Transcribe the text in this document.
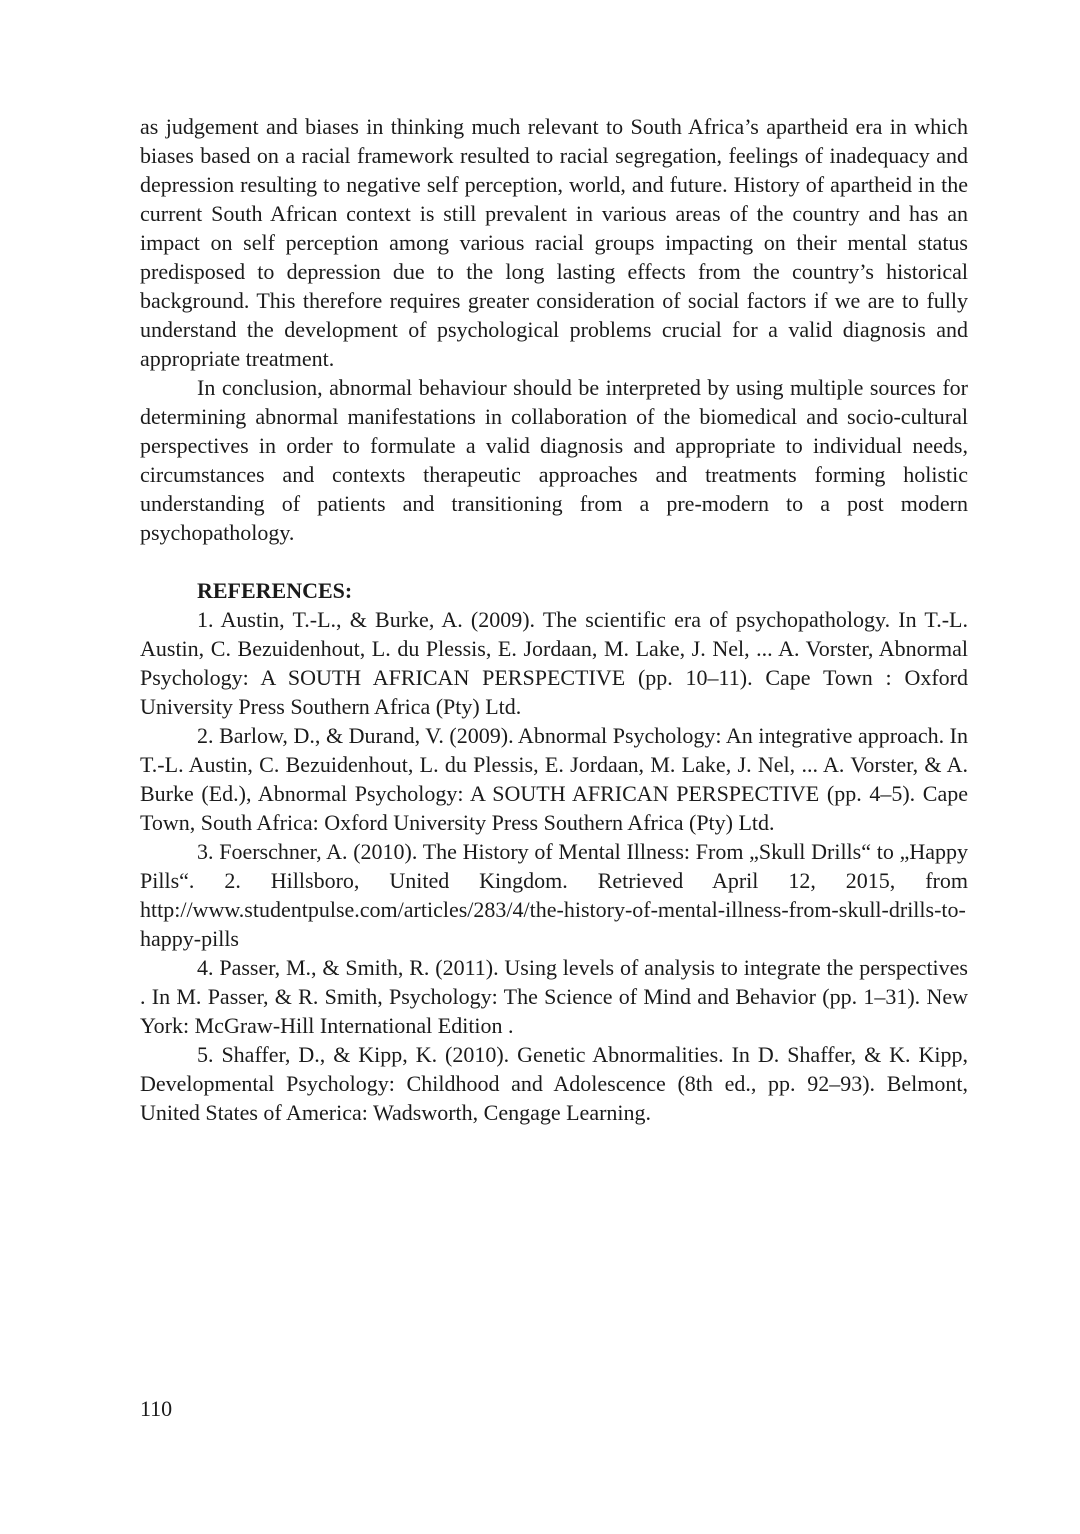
as judgement and biases in thinking much relevant to South Africa’s apartheid era in which biases based on a racial framework resulted to racial segregation, feelings of inadequacy and depression resulting to negative self perception, world, and future. History of apartheid in the current South African context is still prevalent in various areas of the country and has an impact on self perception among various racial groups impacting on their mental status predisposed to depression due to the long lasting effects from the country’s historical background. This therefore requires greater consideration of social factors if we are to fully understand the development of psychological problems crucial for a valid diagnosis and appropriate treatment.

In conclusion, abnormal behaviour should be interpreted by using multiple sources for determining abnormal manifestations in collaboration of the biomedical and socio-cultural perspectives in order to formulate a valid diagnosis and appropriate to individual needs, circumstances and contexts therapeutic approaches and treatments forming holistic understanding of patients and transitioning from a pre-modern to a post modern psychopathology.

REFERENCES:

1. Austin, T.-L., & Burke, A. (2009). The scientific era of psychopathology. In T.-L. Austin, C. Bezuidenhout, L. du Plessis, E. Jordaan, M. Lake, J. Nel, ... A. Vorster, Abnormal Psychology: A SOUTH AFRICAN PERSPECTIVE (pp. 10–11). Cape Town : Oxford University Press Southern Africa (Pty) Ltd.

2. Barlow, D., & Durand, V. (2009). Abnormal Psychology: An integrative approach. In T.-L. Austin, C. Bezuidenhout, L. du Plessis, E. Jordaan, M. Lake, J. Nel, ... A. Vorster, & A. Burke (Ed.), Abnormal Psychology: A SOUTH AFRICAN PERSPECTIVE (pp. 4–5). Cape Town, South Africa: Oxford University Press Southern Africa (Pty) Ltd.

3. Foerschner, A. (2010). The History of Mental Illness: From „Skull Drills“ to „Happy Pills“. 2. Hillsboro, United Kingdom. Retrieved April 12, 2015, from http://www.studentpulse.com/articles/283/4/the-history-of-mental-illness-from-skull-drills-to-happy-pills

4. Passer, M., & Smith, R. (2011). Using levels of analysis to integrate the perspectives . In M. Passer, & R. Smith, Psychology: The Science of Mind and Behavior (pp. 1–31). New York: McGraw-Hill International Edition .

5. Shaffer, D., & Kipp, K. (2010). Genetic Abnormalities. In D. Shaffer, & K. Kipp, Developmental Psychology: Childhood and Adolescence (8th ed., pp. 92–93). Belmont, United States of America: Wadsworth, Cengage Learning.

110
